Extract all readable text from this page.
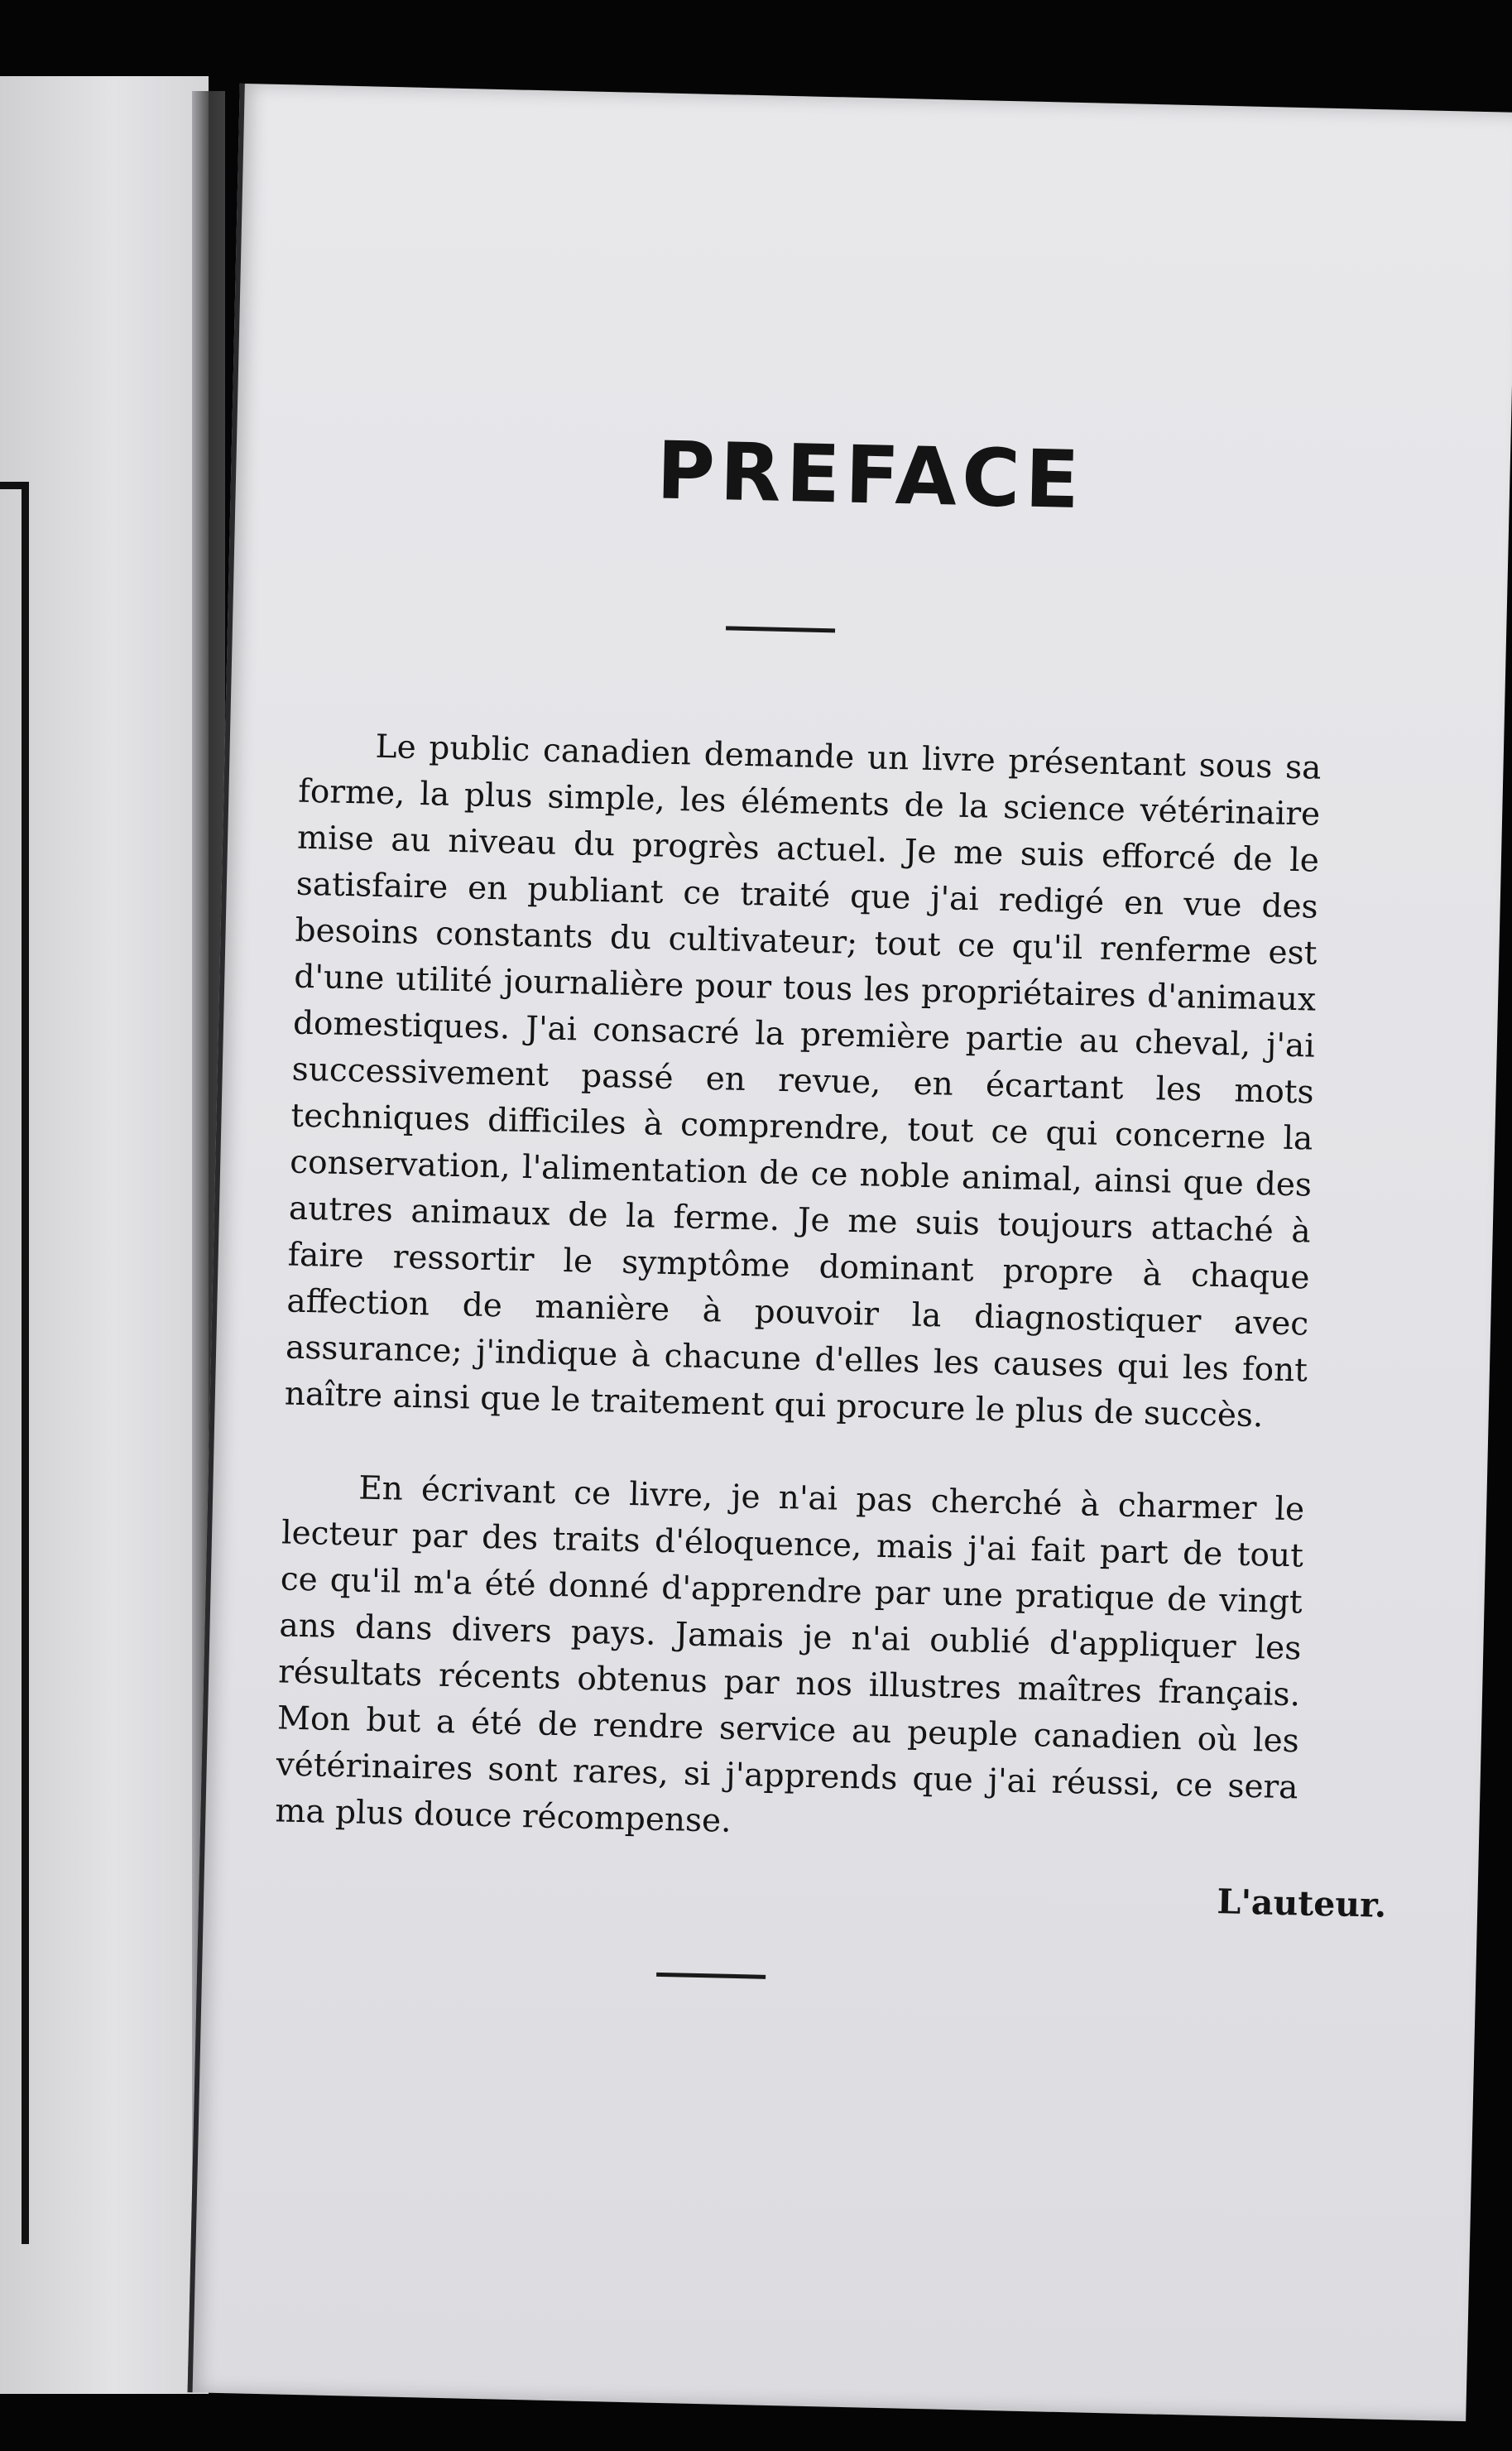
PREFACE

Le public canadien demande un livre présentant sous sa forme, la plus simple, les éléments de la science vétérinaire mise au niveau du progrès actuel. Je me suis efforcé de le satisfaire en publiant ce traité que j'ai redigé en vue des besoins constants du cultivateur; tout ce qu'il renferme est d'une utilité journalière pour tous les propriétaires d'animaux domestiques. J'ai consacré la première partie au cheval, j'ai successivement passé en revue, en écartant les mots techniques difficiles à comprendre, tout ce qui concerne la conservation, l'alimentation de ce noble animal, ainsi que des autres animaux de la ferme. Je me suis toujours attaché à faire ressortir le symptôme dominant propre à chaque affection de manière à pouvoir la diagnostiquer avec assurance; j'indique à chacune d'elles les causes qui les font naître ainsi que le traitement qui procure le plus de succès.

En écrivant ce livre, je n'ai pas cherché à charmer le lecteur par des traits d'éloquence, mais j'ai fait part de tout ce qu'il m'a été donné d'apprendre par une pratique de vingt ans dans divers pays. Jamais je n'ai oublié d'appliquer les résultats récents obtenus par nos illustres maîtres français. Mon but a été de rendre service au peuple canadien où les vétérinaires sont rares, si j'apprends que j'ai réussi, ce sera ma plus douce récompense.

L'auteur.
